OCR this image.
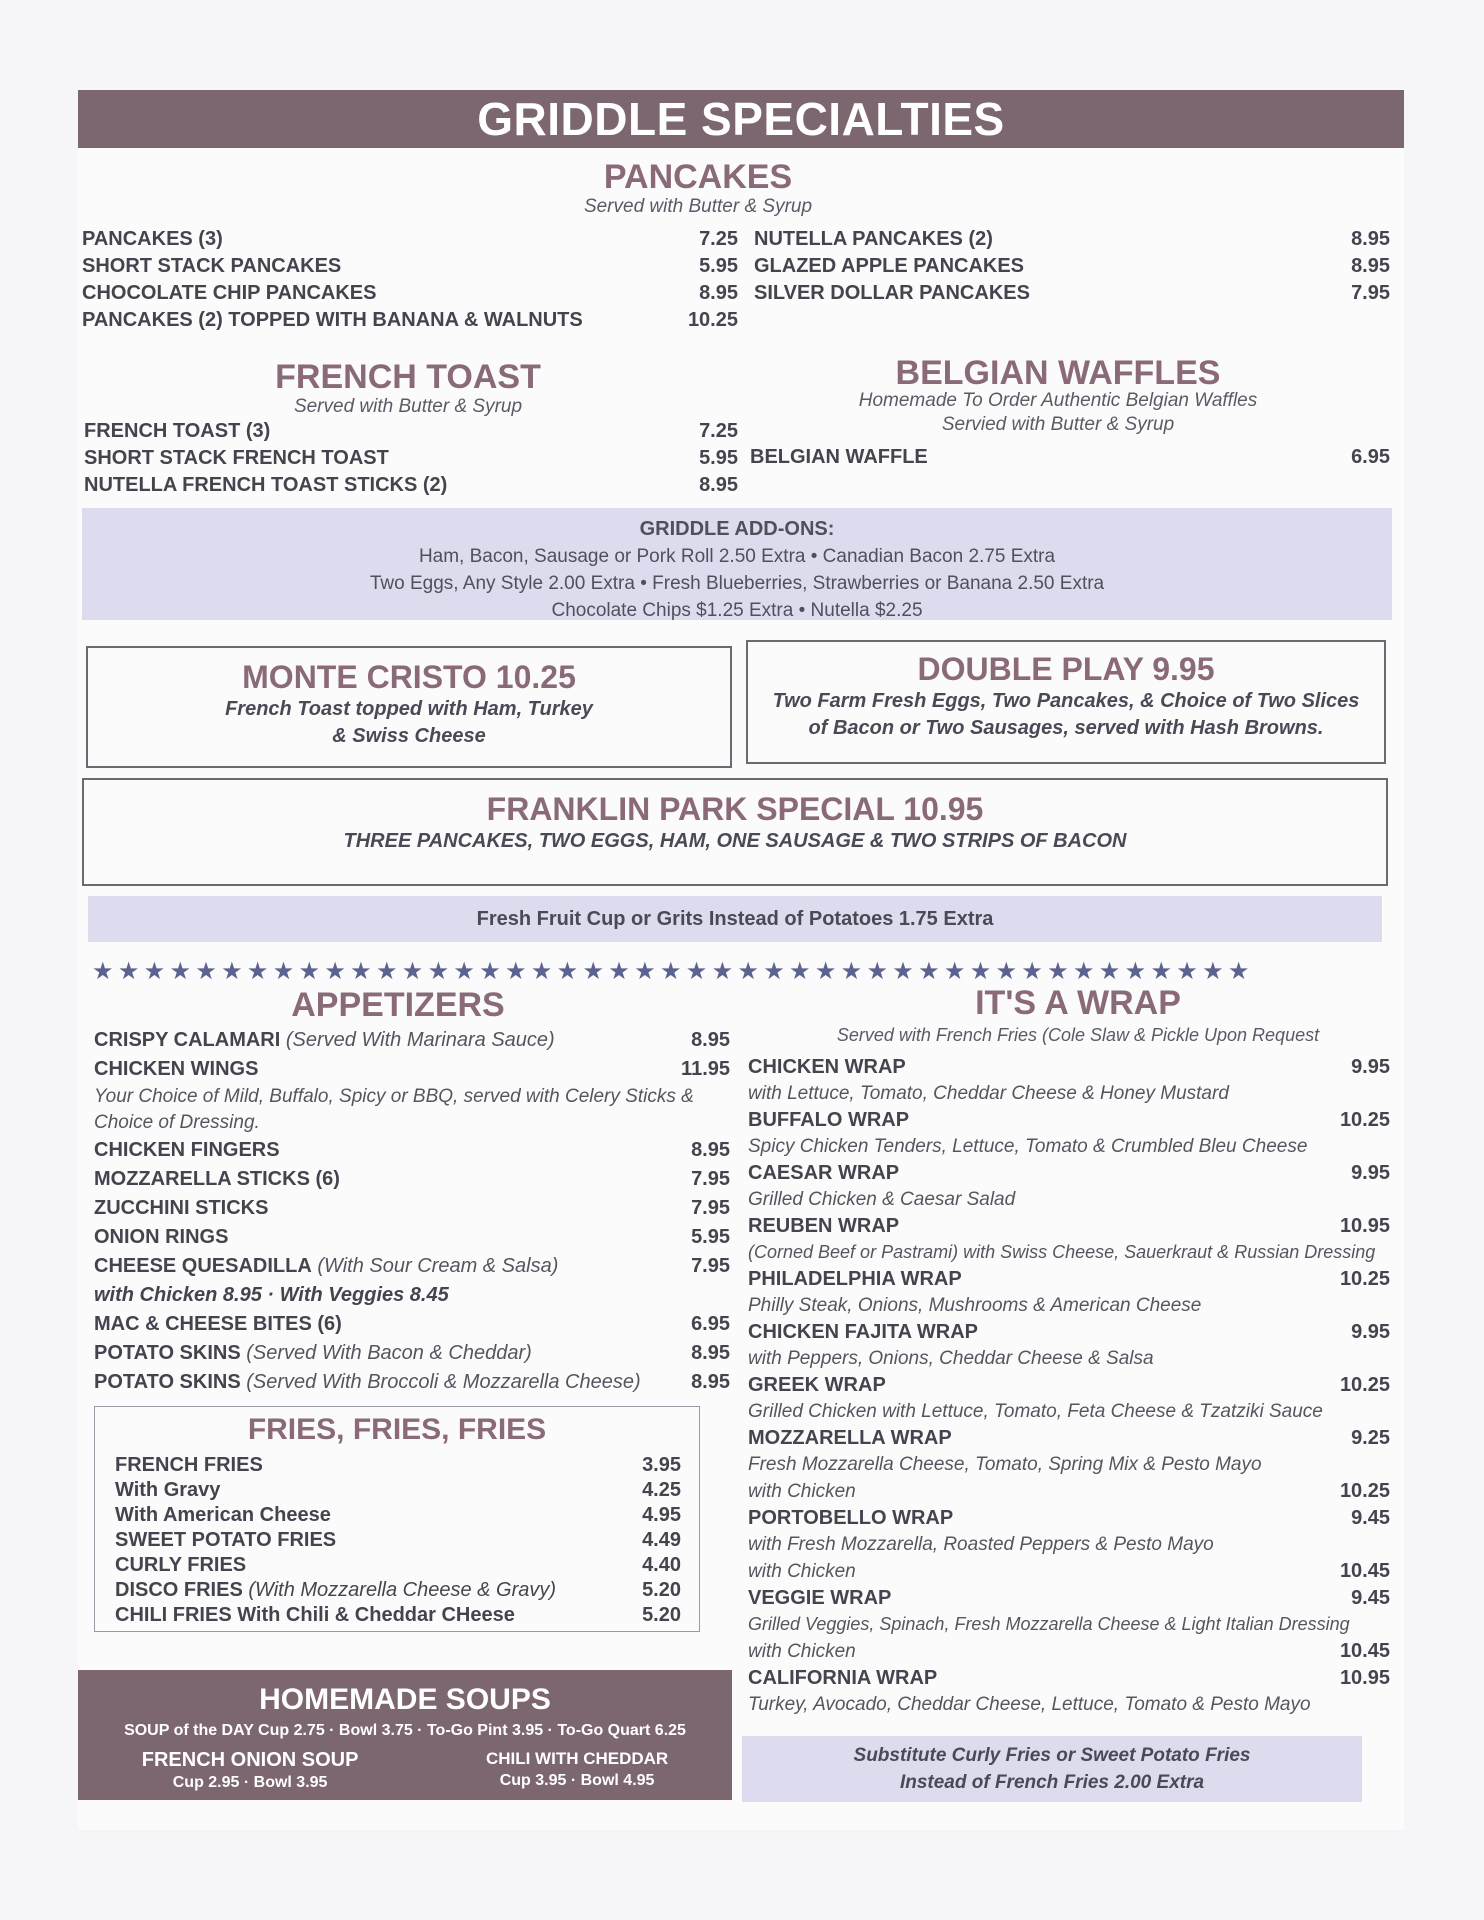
GRIDDLE SPECIALTIES
PANCAKES
Served with Butter & Syrup
PANCAKES (3)	7.25
SHORT STACK PANCAKES	5.95
CHOCOLATE CHIP PANCAKES	8.95
PANCAKES (2) TOPPED WITH BANANA & WALNUTS	10.25
NUTELLA PANCAKES (2)	8.95
GLAZED APPLE PANCAKES	8.95
SILVER DOLLAR PANCAKES	7.95
FRENCH TOAST
Served with Butter & Syrup
FRENCH TOAST (3)	7.25
SHORT STACK FRENCH TOAST	5.95
NUTELLA FRENCH TOAST STICKS (2)	8.95
BELGIAN WAFFLES
Homemade To Order Authentic Belgian Waffles
Servied with Butter & Syrup
BELGIAN WAFFLE	6.95
GRIDDLE ADD-ONS:
Ham, Bacon, Sausage or Pork Roll 2.50 Extra • Canadian Bacon 2.75 Extra
Two Eggs, Any Style 2.00 Extra • Fresh Blueberries, Strawberries or Banana 2.50 Extra
Chocolate Chips $1.25 Extra • Nutella $2.25
MONTE CRISTO 10.25
French Toast topped with Ham, Turkey
& Swiss Cheese
DOUBLE PLAY 9.95
Two Farm Fresh Eggs, Two Pancakes, & Choice of Two Slices
of Bacon or Two Sausages, served with Hash Browns.
FRANKLIN PARK SPECIAL 10.95
THREE PANCAKES, TWO EGGS, HAM, ONE SAUSAGE & TWO STRIPS OF BACON
Fresh Fruit Cup or Grits Instead of Potatoes 1.75 Extra
★★★★★★★★★★★★★★★★★★★★★★★★★★★★★★★★★★★★★★★★★★★★★
APPETIZERS
CRISPY CALAMARI (Served With Marinara Sauce)	8.95
CHICKEN WINGS	11.95
Your Choice of Mild, Buffalo, Spicy or BBQ, served with Celery Sticks &
Choice of Dressing.
CHICKEN FINGERS	8.95
MOZZARELLA STICKS (6)	7.95
ZUCCHINI STICKS	7.95
ONION RINGS	5.95
CHEESE QUESADILLA (With Sour Cream & Salsa)	7.95
with Chicken 8.95 · With Veggies 8.45
MAC & CHEESE BITES (6)	6.95
POTATO SKINS (Served With Bacon & Cheddar)	8.95
POTATO SKINS (Served With Broccoli & Mozzarella Cheese)	8.95
FRIES, FRIES, FRIES
FRENCH FRIES	3.95
With Gravy	4.25
With American Cheese	4.95
SWEET POTATO FRIES	4.49
CURLY FRIES	4.40
DISCO FRIES (With Mozzarella Cheese & Gravy)	5.20
CHILI FRIES With Chili & Cheddar CHeese	5.20
HOMEMADE SOUPS
SOUP of the DAY Cup 2.75 · Bowl 3.75 · To-Go Pint 3.95 · To-Go Quart 6.25
FRENCH ONION SOUP
Cup 2.95 · Bowl 3.95
CHILI WITH CHEDDAR
Cup 3.95 · Bowl 4.95
IT'S A WRAP
Served with French Fries (Cole Slaw & Pickle Upon Request
CHICKEN WRAP	9.95
with Lettuce, Tomato, Cheddar Cheese & Honey Mustard
BUFFALO WRAP	10.25
Spicy Chicken Tenders, Lettuce, Tomato & Crumbled Bleu Cheese
CAESAR WRAP	9.95
Grilled Chicken & Caesar Salad
REUBEN WRAP	10.95
(Corned Beef or Pastrami) with Swiss Cheese, Sauerkraut & Russian Dressing
PHILADELPHIA WRAP	10.25
Philly Steak, Onions, Mushrooms & American Cheese
CHICKEN FAJITA WRAP	9.95
with Peppers, Onions, Cheddar Cheese & Salsa
GREEK WRAP	10.25
Grilled Chicken with Lettuce, Tomato, Feta Cheese & Tzatziki Sauce
MOZZARELLA WRAP	9.25
Fresh Mozzarella Cheese, Tomato, Spring Mix & Pesto Mayo
with Chicken	10.25
PORTOBELLO WRAP	9.45
with Fresh Mozzarella, Roasted Peppers & Pesto Mayo
with Chicken	10.45
VEGGIE WRAP	9.45
Grilled Veggies, Spinach, Fresh Mozzarella Cheese & Light Italian Dressing
with Chicken	10.45
CALIFORNIA WRAP	10.95
Turkey, Avocado, Cheddar Cheese, Lettuce, Tomato & Pesto Mayo
Substitute Curly Fries or Sweet Potato Fries
Instead of French Fries 2.00 Extra
